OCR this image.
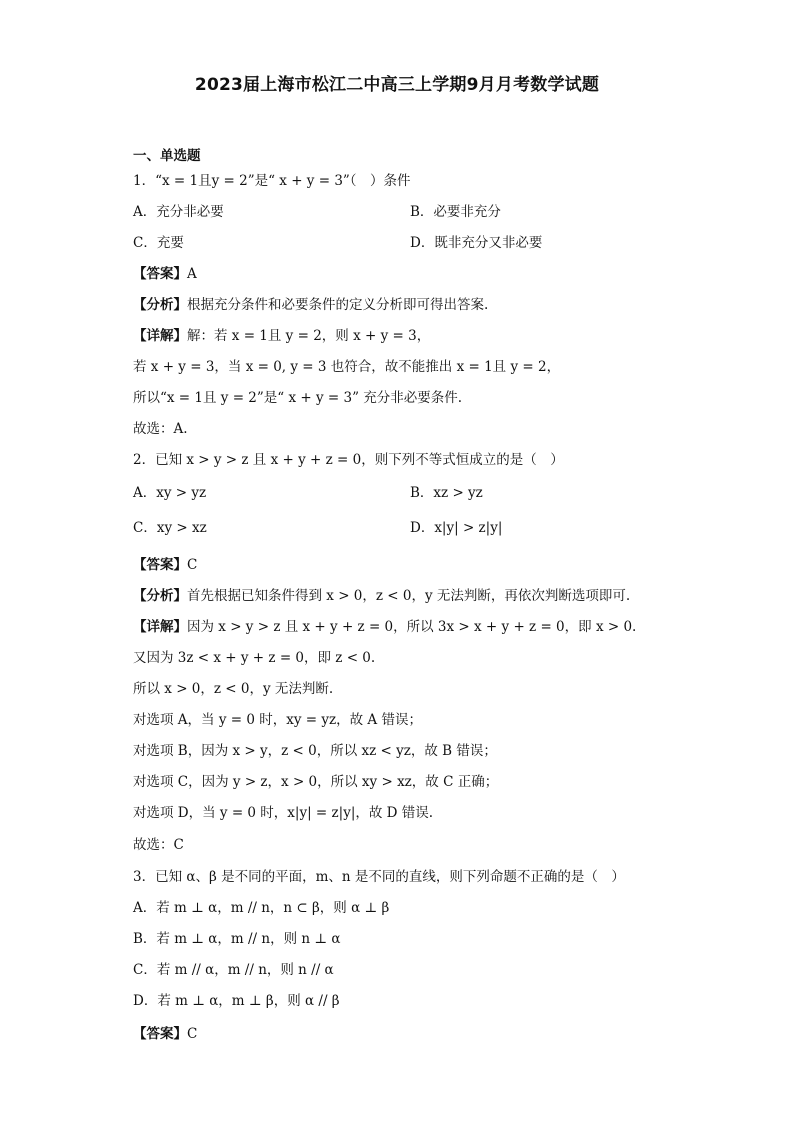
2023届上海市松江二中高三上学期9月月考数学试题
一、单选题
1．“x = 1且y = 2”是“ x + y = 3”（　）条件
A．充分非必要	B．必要非充分
C．充要	D．既非充分又非必要
【答案】A
【分析】根据充分条件和必要条件的定义分析即可得出答案.
【详解】解：若 x = 1且 y = 2，则 x + y = 3，
若 x + y = 3，当 x = 0, y = 3 也符合，故不能推出 x = 1且 y = 2，
所以“x = 1且 y = 2”是“ x + y = 3” 充分非必要条件.
故选：A.
2．已知 x > y > z 且 x + y + z = 0，则下列不等式恒成立的是（　）
A．xy > yz	B．xz > yz
C．xy > xz	D．x|y| > z|y|
【答案】C
【分析】首先根据已知条件得到 x > 0，z < 0，y 无法判断，再依次判断选项即可.
【详解】因为 x > y > z 且 x + y + z = 0，所以 3x > x + y + z = 0，即 x > 0.
又因为 3z < x + y + z = 0，即 z < 0.
所以 x > 0，z < 0，y 无法判断.
对选项 A，当 y = 0 时，xy = yz，故 A 错误；
对选项 B，因为 x > y，z < 0，所以 xz < yz，故 B 错误；
对选项 C，因为 y > z，x > 0，所以 xy > xz，故 C 正确；
对选项 D，当 y = 0 时，x|y| = z|y|，故 D 错误.
故选：C
3．已知 α、β 是不同的平面，m、n 是不同的直线，则下列命题不正确的是（　）
A．若 m ⊥ α，m // n，n ⊂ β，则 α ⊥ β
B．若 m ⊥ α，m // n，则 n ⊥ α
C．若 m // α，m // n，则 n // α
D．若 m ⊥ α，m ⊥ β，则 α // β
【答案】C
